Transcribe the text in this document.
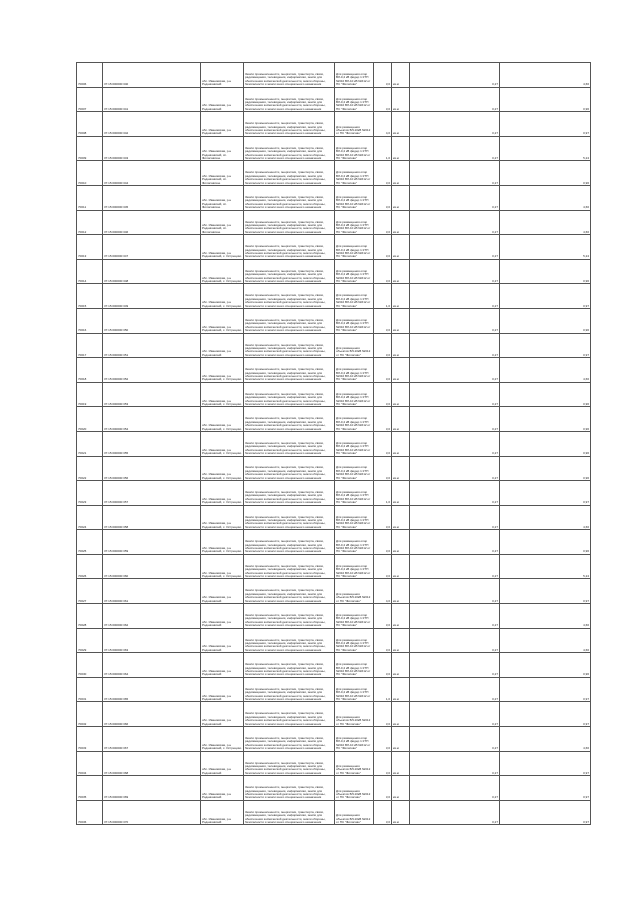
70006	37:15:000000:340	обл. Ивановская, р-н Родниковский	Земли промышленности, энергетики, транспорта, связи, радиовещания, телевидения, информатики, земли для обеспечения космической деятельности, земли обороны, безопасности и земли иного специального назначения	Для размещения опор ВЛ-0,4 кВ фидер 1 КТП №610 ВЛ-10 кВ №612 от ПС "Филисово"	3,0	кв.м	0,27	4,66
70007	37:15:000000:341	обл. Ивановская, р-н Родниковский	Земли промышленности, энергетики, транспорта, связи, радиовещания, телевидения, информатики, земли для обеспечения космической деятельности, земли обороны, безопасности и земли иного специального назначения	Для размещения опор ВЛ-0,4 кВ фидер 1 КТП №610 ВЛ-10 кВ №612 от ПС "Филисово"	3,0	кв.м	0,27	0,96
70008	37:15:000000:342	обл. Ивановская, р-н Родниковский	Земли промышленности, энергетики, транспорта, связи, радиовещания, телевидения, информатики, земли для обеспечения космической деятельности, земли обороны, безопасности и земли иного специального назначения	Для размещения объектов ВЛ-10кВ №612 от ПС "Филисово"	4,0	кв.м	0,27	0,97
70009	37:15:000000:343	обл. Ивановская, р-н Родниковский, сп. Филисовское	Земли промышленности, энергетики, транспорта, связи, радиовещания, телевидения, информатики, земли для обеспечения космической деятельности, земли обороны, безопасности и земли иного специального назначения	Для размещения опор ВЛ-0,4 кВ фидер 1 КТП №610 ВЛ-10 кВ №612 от ПС "Филисово"	1,0	кв.м	0,27	5,24
70010	37:15:000000:344	обл. Ивановская, р-н Родниковский, сп. Филисовское	Земли промышленности, энергетики, транспорта, связи, радиовещания, телевидения, информатики, земли для обеспечения космической деятельности, земли обороны, безопасности и земли иного специального назначения	Для размещения опор ВЛ-0,4 кВ фидер 1 КТП №610 ВЛ-10 кВ №612 от ПС "Филисово"	3,0	кв.м	0,27	0,96
70011	37:15:000000:345	обл. Ивановская, р-н Родниковский, сп. Филисовское	Земли промышленности, энергетики, транспорта, связи, радиовещания, телевидения, информатики, земли для обеспечения космической деятельности, земли обороны, безопасности и земли иного специального назначения	Для размещения опор ВЛ-0,4 кВ фидер 1 КТП №610 ВЛ-10 кВ №612 от ПС "Филисово"	3,0	кв.м	0,27	4,66
70012	37:15:000000:346	обл. Ивановская, р-н Родниковский, сп. Филисовское	Земли промышленности, энергетики, транспорта, связи, радиовещания, телевидения, информатики, земли для обеспечения космической деятельности, земли обороны, безопасности и земли иного специального назначения	Для размещения опор ВЛ-0,4 кВ фидер 1 КТП №610 ВЛ-10 кВ №612 от ПС "Филисово"	3,0	кв.м	0,27	4,66
70013	37:15:000000:347	обл. Ивановская, р-н Родниковский, с. Острецово	Земли промышленности, энергетики, транспорта, связи, радиовещания, телевидения, информатики, земли для обеспечения космической деятельности, земли обороны, безопасности и земли иного специального назначения	Для размещения опор ВЛ-0,4 кВ фидер 1 КТП №610 ВЛ-10 кВ №612 от ПС "Филисово"	3,0	кв.м	0,27	5,24
70014	37:15:000000:348	обл. Ивановская, р-н Родниковский, с. Острецово	Земли промышленности, энергетики, транспорта, связи, радиовещания, телевидения, информатики, земли для обеспечения космической деятельности, земли обороны, безопасности и земли иного специального назначения	Для размещения опор ВЛ-0,4 кВ фидер 1 КТП №610 ВЛ-10 кВ №612 от ПС "Филисово"	3,0	кв.м	0,27	0,96
70015	37:15:000000:349	обл. Ивановская, р-н Родниковский, с. Острецово	Земли промышленности, энергетики, транспорта, связи, радиовещания, телевидения, информатики, земли для обеспечения космической деятельности, земли обороны, безопасности и земли иного специального назначения	Для размещения опор ВЛ-0,4 кВ фидер 1 КТП №610 ВЛ-10 кВ №612 от ПС "Филисово"	1,0	кв.м	0,27	0,97
70016	37:15:000000:350	обл. Ивановская, р-н Родниковский, с. Острецово	Земли промышленности, энергетики, транспорта, связи, радиовещания, телевидения, информатики, земли для обеспечения космической деятельности, земли обороны, безопасности и земли иного специального назначения	Для размещения опор ВЛ-0,4 кВ фидер 1 КТП №610 ВЛ-10 кВ №612 от ПС "Филисово"	3,0	кв.м	0,27	0,96
70017	37:15:000000:351	обл. Ивановская, р-н Родниковский	Земли промышленности, энергетики, транспорта, связи, радиовещания, телевидения, информатики, земли для обеспечения космической деятельности, земли обороны, безопасности и земли иного специального назначения	Для размещения объектов ВЛ-10кВ №612 от ПС "Филисово"	3,0	кв.м	0,27	0,97
70018	37:15:000000:352	обл. Ивановская, р-н Родниковский, с. Острецово	Земли промышленности, энергетики, транспорта, связи, радиовещания, телевидения, информатики, земли для обеспечения космической деятельности, земли обороны, безопасности и земли иного специального назначения	Для размещения опор ВЛ-0,4 кВ фидер 1 КТП №610 ВЛ-10 кВ №612 от ПС "Филисово"	3,0	кв.м	0,27	4,66
70019	37:15:000000:353	обл. Ивановская, р-н Родниковский, с. Острецово	Земли промышленности, энергетики, транспорта, связи, радиовещания, телевидения, информатики, земли для обеспечения космической деятельности, земли обороны, безопасности и земли иного специального назначения	Для размещения опор ВЛ-0,4 кВ фидер 1 КТП №610 ВЛ-10 кВ №612 от ПС "Филисово"	3,0	кв.м	0,27	0,96
70020	37:15:000000:354	обл. Ивановская, р-н Родниковский, с. Острецово	Земли промышленности, энергетики, транспорта, связи, радиовещания, телевидения, информатики, земли для обеспечения космической деятельности, земли обороны, безопасности и земли иного специального назначения	Для размещения опор ВЛ-0,4 кВ фидер 1 КТП №610 ВЛ-10 кВ №612 от ПС "Филисово"	3,0	кв.м	0,27	0,96
70021	37:15:000000:355	обл. Ивановская, р-н Родниковский, с. Острецово	Земли промышленности, энергетики, транспорта, связи, радиовещания, телевидения, информатики, земли для обеспечения космической деятельности, земли обороны, безопасности и земли иного специального назначения	Для размещения опор ВЛ-0,4 кВ фидер 1 КТП №610 ВЛ-10 кВ №612 от ПС "Филисово"	3,0	кв.м	0,27	0,96
70022	37:15:000000:356	обл. Ивановская, р-н Родниковский, с. Острецово	Земли промышленности, энергетики, транспорта, связи, радиовещания, телевидения, информатики, земли для обеспечения космической деятельности, земли обороны, безопасности и земли иного специального назначения	Для размещения опор ВЛ-0,4 кВ фидер 1 КТП №610 ВЛ-10 кВ №612 от ПС "Филисово"	3,0	кв.м	0,27	0,96
70023	37:15:000000:357	обл. Ивановская, р-н Родниковский, с. Острецово	Земли промышленности, энергетики, транспорта, связи, радиовещания, телевидения, информатики, земли для обеспечения космической деятельности, земли обороны, безопасности и земли иного специального назначения	Для размещения опор ВЛ-0,4 кВ фидер 1 КТП №610 ВЛ-10 кВ №612 от ПС "Филисово"	1,0	кв.м	0,27	0,97
70024	37:15:000000:358	обл. Ивановская, р-н Родниковский, с. Острецово	Земли промышленности, энергетики, транспорта, связи, радиовещания, телевидения, информатики, земли для обеспечения космической деятельности, земли обороны, безопасности и земли иного специального назначения	Для размещения опор ВЛ-0,4 кВ фидер 1 КТП №610 ВЛ-10 кВ №612 от ПС "Филисово"	3,0	кв.м	0,27	4,66
70025	37:15:000000:359	обл. Ивановская, р-н Родниковский, с. Острецово	Земли промышленности, энергетики, транспорта, связи, радиовещания, телевидения, информатики, земли для обеспечения космической деятельности, земли обороны, безопасности и земли иного специального назначения	Для размещения опор ВЛ-0,4 кВ фидер 1 КТП №610 ВЛ-10 кВ №612 от ПС "Филисово"	3,0	кв.м	0,27	0,96
70026	37:15:000000:360	обл. Ивановская, р-н Родниковский, с. Острецово	Земли промышленности, энергетики, транспорта, связи, радиовещания, телевидения, информатики, земли для обеспечения космической деятельности, земли обороны, безопасности и земли иного специального назначения	Для размещения опор ВЛ-0,4 кВ фидер 1 КТП №610 ВЛ-10 кВ №612 от ПС "Филисово"	3,0	кв.м	0,27	5,24
70027	37:15:000000:361	обл. Ивановская, р-н Родниковский	Земли промышленности, энергетики, транспорта, связи, радиовещания, телевидения, информатики, земли для обеспечения космической деятельности, земли обороны, безопасности и земли иного специального назначения	Для размещения объектов ВЛ-10кВ №612 от ПС "Филисово"	4,0	кв.м	0,27	0,97
70028	37:15:000000:362	обл. Ивановская, р-н Родниковский	Земли промышленности, энергетики, транспорта, связи, радиовещания, телевидения, информатики, земли для обеспечения космической деятельности, земли обороны, безопасности и земли иного специального назначения	Для размещения опор ВЛ-0,4 кВ фидер 1 КТП №610 ВЛ-10 кВ №612 от ПС "Филисово"	3,0	кв.м	0,27	4,66
70029	37:15:000000:363	обл. Ивановская, р-н Родниковский	Земли промышленности, энергетики, транспорта, связи, радиовещания, телевидения, информатики, земли для обеспечения космической деятельности, земли обороны, безопасности и земли иного специального назначения	Для размещения опор ВЛ-0,4 кВ фидер 1 КТП №610 ВЛ-10 кВ №612 от ПС "Филисово"	3,0	кв.м	0,27	4,66
70030	37:15:000000:364	обл. Ивановская, р-н Родниковский	Земли промышленности, энергетики, транспорта, связи, радиовещания, телевидения, информатики, земли для обеспечения космической деятельности, земли обороны, безопасности и земли иного специального назначения	Для размещения опор ВЛ-0,4 кВ фидер 1 КТП №610 ВЛ-10 кВ №612 от ПС "Филисово"	3,0	кв.м	0,27	0,96
70031	37:15:000000:365	обл. Ивановская, р-н Родниковский	Земли промышленности, энергетики, транспорта, связи, радиовещания, телевидения, информатики, земли для обеспечения космической деятельности, земли обороны, безопасности и земли иного специального назначения	Для размещения опор ВЛ-0,4 кВ фидер 1 КТП №610 ВЛ-10 кВ №612 от ПС "Филисово"	1,0	кв.м	0,27	0,97
70032	37:15:000000:366	обл. Ивановская, р-н Родниковский	Земли промышленности, энергетики, транспорта, связи, радиовещания, телевидения, информатики, земли для обеспечения космической деятельности, земли обороны, безопасности и земли иного специального назначения	Для размещения объектов ВЛ-10кВ №612 от ПС "Филисово"	3,0	кв.м	0,27	0,97
70033	37:15:000000:367	обл. Ивановская, р-н Родниковский, с. Острецово	Земли промышленности, энергетики, транспорта, связи, радиовещания, телевидения, информатики, земли для обеспечения космической деятельности, земли обороны, безопасности и земли иного специального назначения	Для размещения опор ВЛ-0,4 кВ фидер 1 КТП №610 ВЛ-10 кВ №612 от ПС "Филисово"	3,0	кв.м	0,27	4,66
70034	37:15:000000:368	обл. Ивановская, р-н Родниковский	Земли промышленности, энергетики, транспорта, связи, радиовещания, телевидения, информатики, земли для обеспечения космической деятельности, земли обороны, безопасности и земли иного специального назначения	Для размещения объектов ВЛ-10кВ №612 от ПС "Филисово"	3,0	кв.м	0,27	0,97
70035	37:15:000000:369	обл. Ивановская, р-н Родниковский	Земли промышленности, энергетики, транспорта, связи, радиовещания, телевидения, информатики, земли для обеспечения космической деятельности, земли обороны, безопасности и земли иного специального назначения	Для размещения объектов ВЛ-10кВ №612 от ПС "Филисово"	3,0	кв.м	0,27	0,97
70036	37:15:000000:370	обл. Ивановская, р-н Родниковский	Земли промышленности, энергетики, транспорта, связи, радиовещания, телевидения, информатики, земли для обеспечения космической деятельности, земли обороны, безопасности и земли иного специального назначения	Для размещения объектов ВЛ-10кВ №612 от ПС "Филисово"	3,0	кв.м	0,27	0,97
